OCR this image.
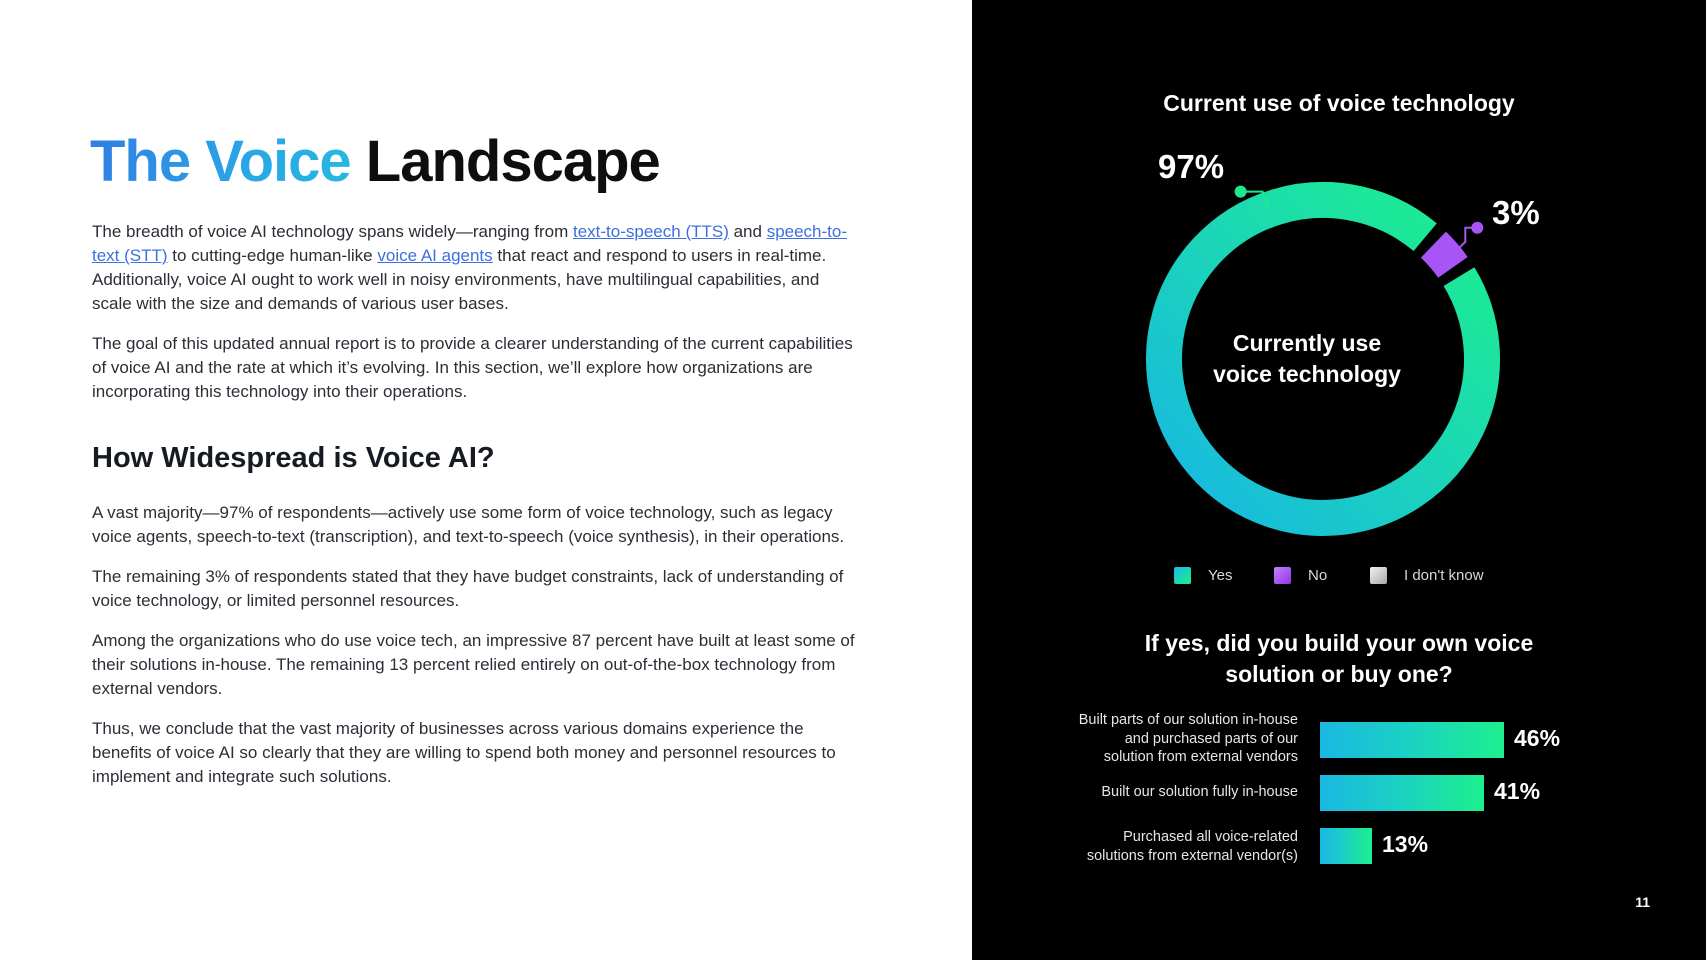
The Voice Landscape

The breadth of voice AI technology spans widely—ranging from text-to-speech (TTS) and speech-to-text (STT) to cutting-edge human-like voice AI agents that react and respond to users in real-time. Additionally, voice AI ought to work well in noisy environments, have multilingual capabilities, and scale with the size and demands of various user bases.

The goal of this updated annual report is to provide a clearer understanding of the current capabilities of voice AI and the rate at which it’s evolving. In this section, we’ll explore how organizations are incorporating this technology into their operations.

How Widespread is Voice AI?

A vast majority—97% of respondents—actively use some form of voice technology, such as legacy voice agents, speech-to-text (transcription), and text-to-speech (voice synthesis), in their operations.

The remaining 3% of respondents stated that they have budget constraints, lack of understanding of voice technology, or limited personnel resources.

Among the organizations who do use voice tech, an impressive 87 percent have built at least some of their solutions in-house. The remaining 13 percent relied entirely on out-of-the-box technology from external vendors.

Thus, we conclude that the vast majority of businesses across various domains experience the benefits of voice AI so clearly that they are willing to spend both money and personnel resources to implement and integrate such solutions.

Current use of voice technology
97%
3%
Currently use
voice technology
Yes	No	I don't know
If yes, did you build your own voice
solution or buy one?
Built parts of our solution in-house
and purchased parts of our
solution from external vendors
46%
Built our solution fully in-house	41%
Purchased all voice-related
solutions from external vendor(s)	13%
11
